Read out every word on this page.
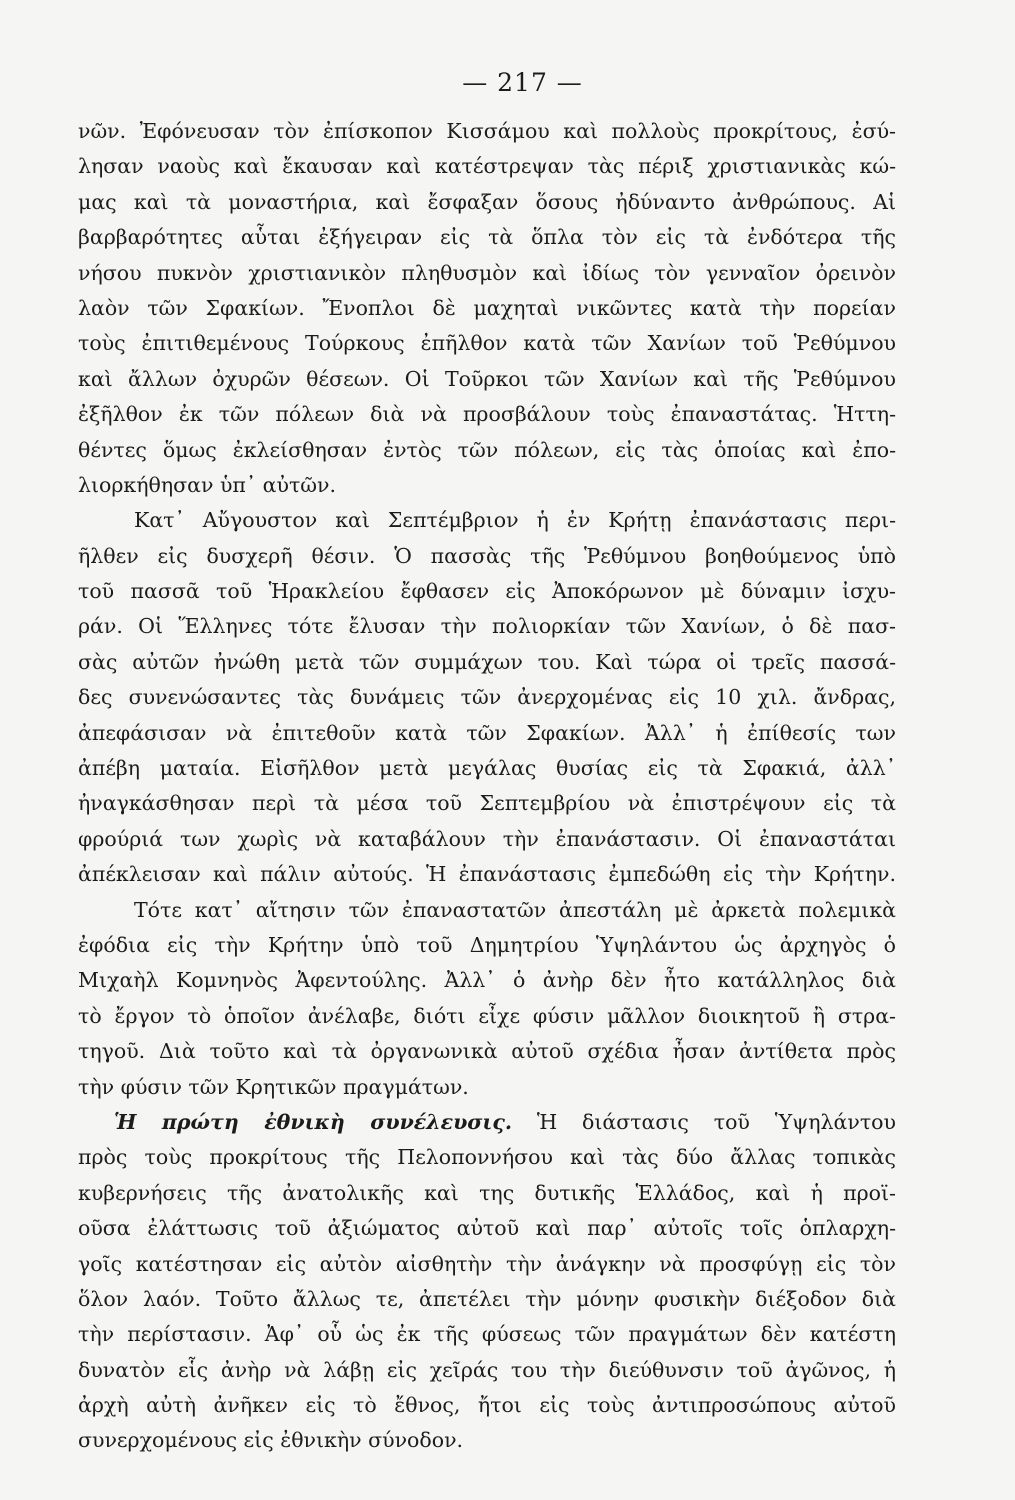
— 217 —
νῶν. Ἐφόνευσαν τὸν ἐπίσκοπον Κισσάμου καὶ πολλοὺς προκρίτους, ἐσύ-
λησαν ναοὺς καὶ ἔκαυσαν καὶ κατέστρεψαν τὰς πέριξ χριστιανικὰς κώ-
μας καὶ τὰ μοναστήρια, καὶ ἔσφαξαν ὅσους ἠδύναντο ἀνθρώπους. Αἱ
βαρβαρότητες αὗται ἐξήγειραν εἰς τὰ ὅπλα τὸν εἰς τὰ ἐνδότερα τῆς
νήσου πυκνὸν χριστιανικὸν πληθυσμὸν καὶ ἰδίως τὸν γενναῖον ὀρεινὸν
λαὸν τῶν Σφακίων. Ἔνοπλοι δὲ μαχηταὶ νικῶντες κατὰ τὴν πορείαν
τοὺς ἐπιτιθεμένους Τούρκους ἐπῆλθον κατὰ τῶν Χανίων τοῦ Ῥεθύμνου
καὶ ἄλλων ὀχυρῶν θέσεων. Οἱ Τοῦρκοι τῶν Χανίων καὶ τῆς Ῥεθύμνου
ἐξῆλθον ἐκ τῶν πόλεων διὰ νὰ προσβάλουν τοὺς ἐπαναστάτας. Ἡττη-
θέντες ὅμως ἐκλείσθησαν ἐντὸς τῶν πόλεων, εἰς τὰς ὁποίας καὶ ἐπο-
λιορκήθησαν ὑπ᾽ αὐτῶν.
Κατ᾽ Αὔγουστον καὶ Σεπτέμβριον ἡ ἐν Κρήτῃ ἐπανάστασις περι-
ῆλθεν εἰς δυσχερῆ θέσιν. Ὁ πασσὰς τῆς Ῥεθύμνου βοηθούμενος ὑπὸ
τοῦ πασσᾶ τοῦ Ἡρακλείου ἔφθασεν εἰς Ἀποκόρωνον μὲ δύναμιν ἰσχυ-
ράν. Οἱ Ἕλληνες τότε ἔλυσαν τὴν πολιορκίαν τῶν Χανίων, ὁ δὲ πασ-
σὰς αὐτῶν ἠνώθη μετὰ τῶν συμμάχων του. Καὶ τώρα οἱ τρεῖς πασσά-
δες συνενώσαντες τὰς δυνάμεις τῶν ἀνερχομένας εἰς 10 χιλ. ἄνδρας,
ἀπεφάσισαν νὰ ἐπιτεθοῦν κατὰ τῶν Σφακίων. Ἀλλ᾽ ἡ ἐπίθεσίς των
ἀπέβη ματαία. Εἰσῆλθον μετὰ μεγάλας θυσίας εἰς τὰ Σφακιά, ἀλλ᾽
ἠναγκάσθησαν περὶ τὰ μέσα τοῦ Σεπτεμβρίου νὰ ἐπιστρέψουν εἰς τὰ
φρούριά των χωρὶς νὰ καταβάλουν τὴν ἐπανάστασιν. Οἱ ἐπαναστάται
ἀπέκλεισαν καὶ πάλιν αὐτούς. Ἡ ἐπανάστασις ἐμπεδώθη εἰς τὴν Κρήτην.
Τότε κατ᾽ αἴτησιν τῶν ἐπαναστατῶν ἀπεστάλη μὲ ἀρκετὰ πολεμικὰ
ἐφόδια εἰς τὴν Κρήτην ὑπὸ τοῦ Δημητρίου Ὑψηλάντου ὡς ἀρχηγὸς ὁ
Μιχαὴλ Κομνηνὸς Ἀφεντούλης. Ἀλλ᾽ ὁ ἀνὴρ δὲν ἦτο κατάλληλος διὰ
τὸ ἔργον τὸ ὁποῖον ἀνέλαβε, διότι εἶχε φύσιν μᾶλλον διοικητοῦ ἢ στρα-
τηγοῦ. Διὰ τοῦτο καὶ τὰ ὀργανωνικὰ αὐτοῦ σχέδια ἦσαν ἀντίθετα πρὸς
τὴν φύσιν τῶν Κρητικῶν πραγμάτων.
Ἡ πρώτη ἐθνικὴ συνέλευσις. Ἡ διάστασις τοῦ Ὑψηλάντου
πρὸς τοὺς προκρίτους τῆς Πελοποννήσου καὶ τὰς δύο ἄλλας τοπικὰς
κυβερνήσεις τῆς ἀνατολικῆς καὶ της δυτικῆς Ἑλλάδος, καὶ ἡ προϊ-
οῦσα ἐλάττωσις τοῦ ἀξιώματος αὐτοῦ καὶ παρ᾽ αὐτοῖς τοῖς ὁπλαρχη-
γοῖς κατέστησαν εἰς αὐτὸν αἰσθητὴν τὴν ἀνάγκην νὰ προσφύγῃ εἰς τὸν
ὅλον λαόν. Τοῦτο ἄλλως τε, ἀπετέλει τὴν μόνην φυσικὴν διέξοδον διὰ
τὴν περίστασιν. Ἀφ᾽ οὗ ὡς ἐκ τῆς φύσεως τῶν πραγμάτων δὲν κατέστη
δυνατὸν εἷς ἀνὴρ νὰ λάβῃ εἰς χεῖράς του τὴν διεύθυνσιν τοῦ ἀγῶνος, ἡ
ἀρχὴ αὐτὴ ἀνῆκεν εἰς τὸ ἔθνος, ἤτοι εἰς τοὺς ἀντιπροσώπους αὐτοῦ
συνερχομένους εἰς ἐθνικὴν σύνοδον.
